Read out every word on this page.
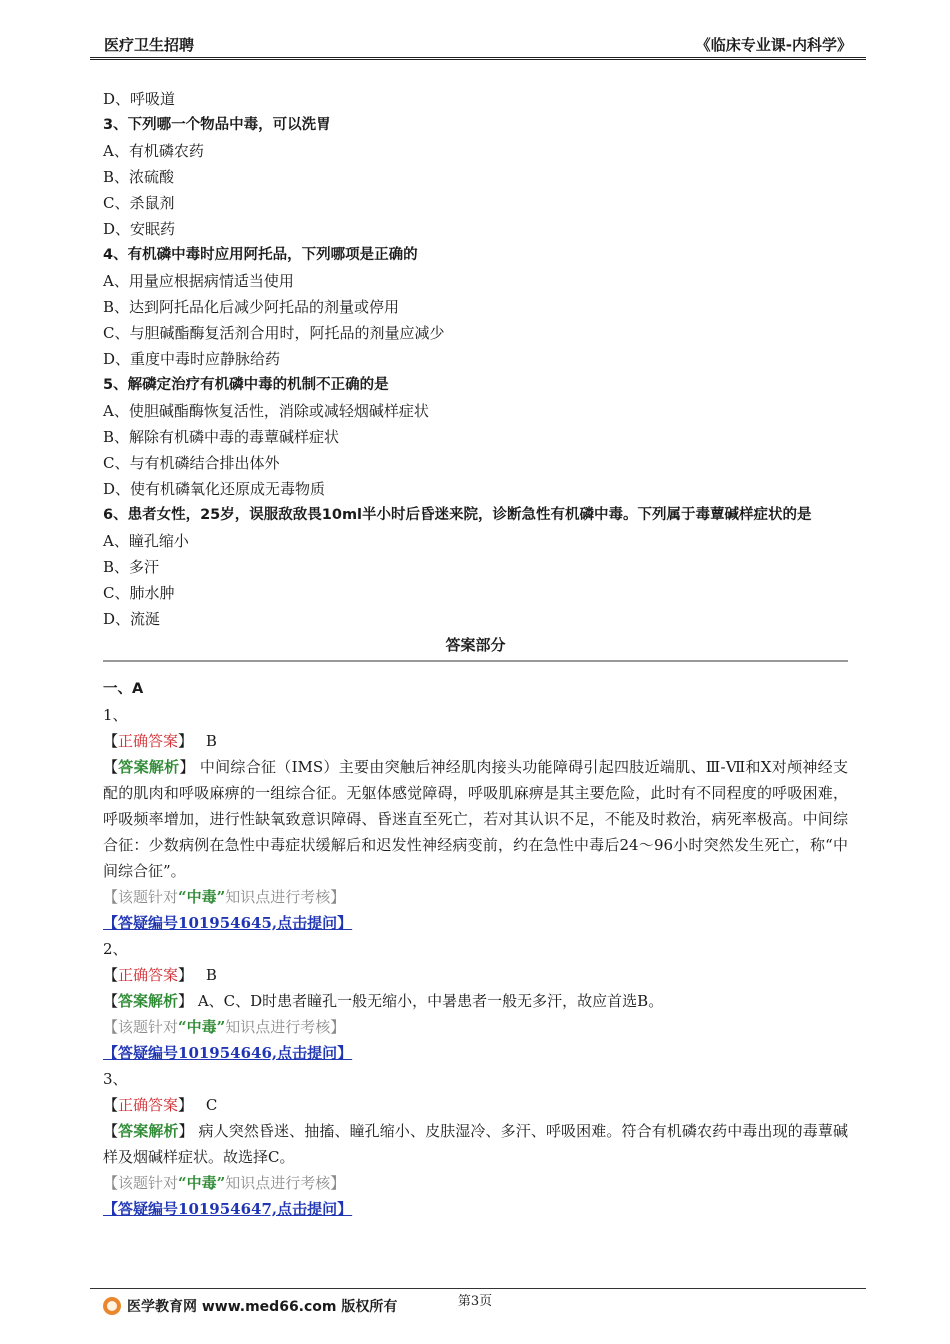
医疗卫生招聘	《临床专业课-内科学》
D、呼吸道
3、下列哪一个物品中毒，可以洗胃
A、有机磷农药
B、浓硫酸
C、杀鼠剂
D、安眠药
4、有机磷中毒时应用阿托品，下列哪项是正确的
A、用量应根据病情适当使用
B、达到阿托品化后减少阿托品的剂量或停用
C、与胆碱酯酶复活剂合用时，阿托品的剂量应减少
D、重度中毒时应静脉给药
5、解磷定治疗有机磷中毒的机制不正确的是
A、使胆碱酯酶恢复活性，消除或减轻烟碱样症状
B、解除有机磷中毒的毒蕈碱样症状
C、与有机磷结合排出体外
D、使有机磷氧化还原成无毒物质
6、患者女性，25岁，误服敌敌畏10ml半小时后昏迷来院，诊断急性有机磷中毒。下列属于毒蕈碱样症状的是
A、瞳孔缩小
B、多汗
C、肺水肿
D、流涎
答案部分
一、A
1、
【正确答案】 B
【答案解析】 中间综合征（IMS）主要由突触后神经肌肉接头功能障碍引起四肢近端肌、Ⅲ-Ⅶ和Ⅹ对颅神经支配的肌肉和呼吸麻痹的一组综合征。无躯体感觉障碍，呼吸肌麻痹是其主要危险，此时有不同程度的呼吸困难，呼吸频率增加，进行性缺氧致意识障碍、昏迷直至死亡，若对其认识不足，不能及时救治，病死率极高。中间综合征：少数病例在急性中毒症状缓解后和迟发性神经病变前，约在急性中毒后24～96小时突然发生死亡，称“中间综合征”。
【该题针对“中毒”知识点进行考核】
【答疑编号101954645,点击提问】
2、
【正确答案】 B
【答案解析】 A、C、D时患者瞳孔一般无缩小，中暑患者一般无多汗，故应首选B。
【该题针对“中毒”知识点进行考核】
【答疑编号101954646,点击提问】
3、
【正确答案】 C
【答案解析】 病人突然昏迷、抽搐、瞳孔缩小、皮肤湿冷、多汗、呼吸困难。符合有机磷农药中毒出现的毒蕈碱样及烟碱样症状。故选择C。
【该题针对“中毒”知识点进行考核】
【答疑编号101954647,点击提问】
第3页
医学教育网 www.med66.com 版权所有
